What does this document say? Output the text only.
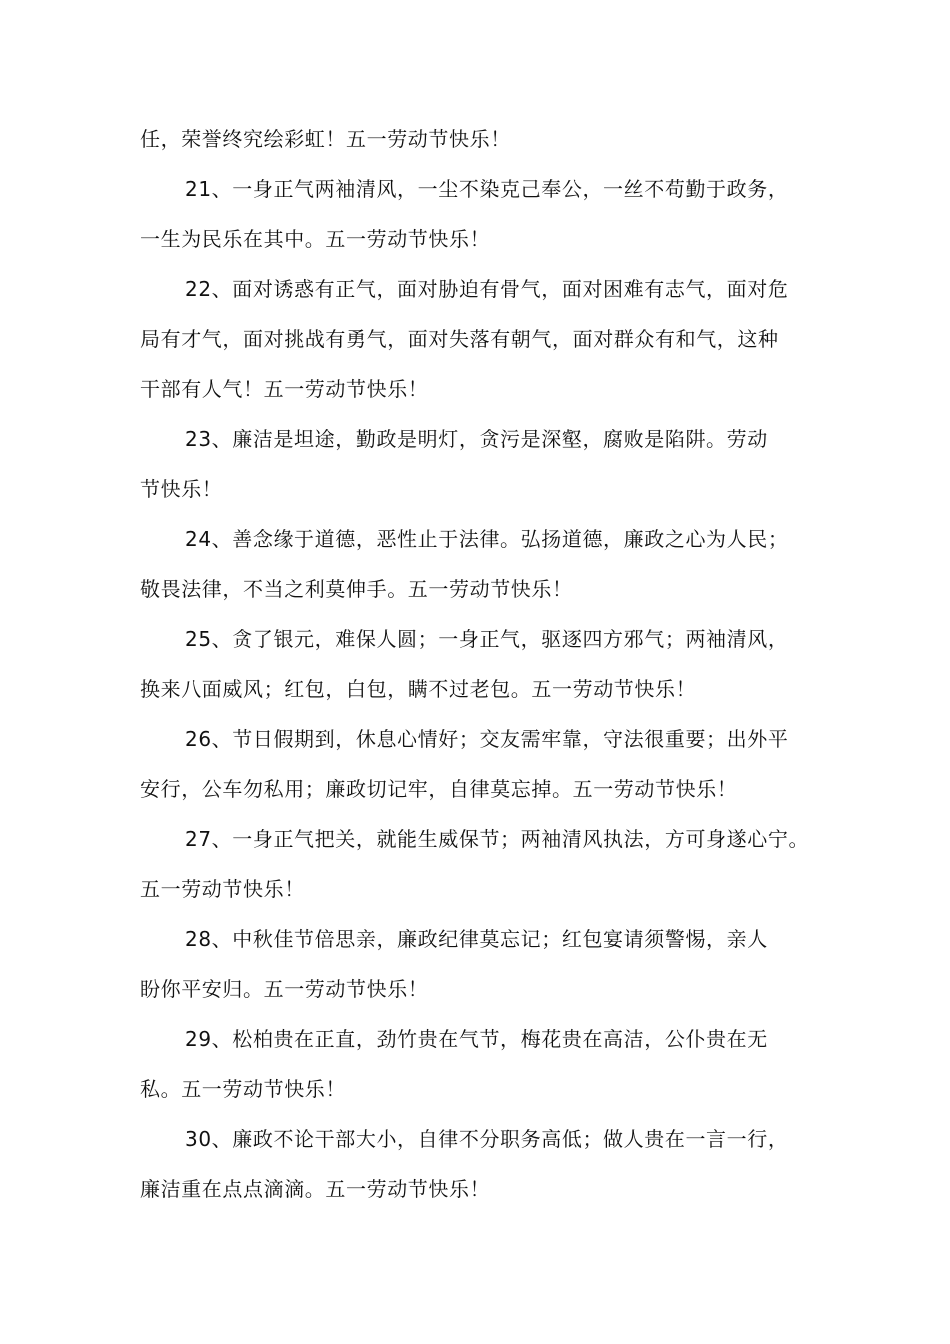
任，荣誉终究绘彩虹！五一劳动节快乐！
21、一身正气两袖清风，一尘不染克己奉公，一丝不苟勤于政务，
一生为民乐在其中。五一劳动节快乐！
22、面对诱惑有正气，面对胁迫有骨气，面对困难有志气，面对危
局有才气，面对挑战有勇气，面对失落有朝气，面对群众有和气，这种
干部有人气！五一劳动节快乐！
23、廉洁是坦途，勤政是明灯，贪污是深壑，腐败是陷阱。劳动
节快乐！
24、善念缘于道德，恶性止于法律。弘扬道德，廉政之心为人民；
敬畏法律，不当之利莫伸手。五一劳动节快乐！
25、贪了银元，难保人圆；一身正气，驱逐四方邪气；两袖清风，
换来八面威风；红包，白包，瞒不过老包。五一劳动节快乐！
26、节日假期到，休息心情好；交友需牢靠，守法很重要；出外平
安行，公车勿私用；廉政切记牢，自律莫忘掉。五一劳动节快乐！
27、一身正气把关，就能生威保节；两袖清风执法，方可身遂心宁。
五一劳动节快乐！
28、中秋佳节倍思亲，廉政纪律莫忘记；红包宴请须警惕，亲人
盼你平安归。五一劳动节快乐！
29、松柏贵在正直，劲竹贵在气节，梅花贵在高洁，公仆贵在无
私。五一劳动节快乐！
30、廉政不论干部大小，自律不分职务高低；做人贵在一言一行，
廉洁重在点点滴滴。五一劳动节快乐！
